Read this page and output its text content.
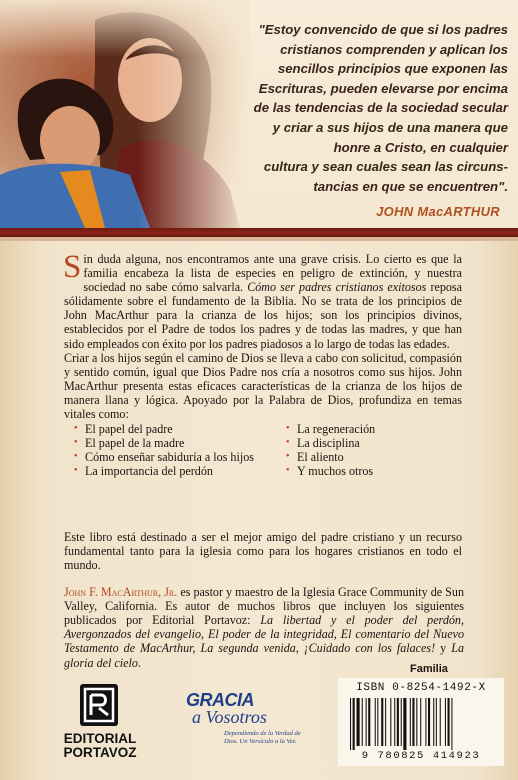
"Estoy convencido de que si los padres
cristianos comprenden y aplican los
sencillos principios que exponen las
Escrituras, pueden elevarse por encima
de las tendencias de la sociedad secular
y criar a sus hijos de una manera que
honre a Cristo, en cualquier
cultura y sean cuales sean las circuns-
tancias en que se encuentren".
JOHN MacARTHUR

Sin duda alguna, nos encontramos ante una grave crisis. Lo cierto es que la familia encabeza la lista de especies en peligro de extinción, y nuestra sociedad no sabe cómo salvarla. Cómo ser padres cristianos exitosos reposa sólidamente sobre el fundamento de la Biblia. No se trata de los principios de John MacArthur para la crianza de los hijos; son los principios divinos, establecidos por el Padre de todos los padres y de todas las madres, y que han sido empleados con éxito por los padres piadosos a lo largo de todas las edades.

Criar a los hijos según el camino de Dios se lleva a cabo con solicitud, compasión y sentido común, igual que Dios Padre nos cría a nosotros como sus hijos. John MacArthur presenta estas eficaces características de la crianza de los hijos de manera llana y lógica. Apoyado por la Palabra de Dios, profundiza en temas vitales como:

• El papel del padre
• El papel de la madre
• Cómo enseñar sabiduría a los hijos
• La importancia del perdón
• La regeneración
• La disciplina
• El aliento
• Y muchos otros

Este libro está destinado a ser el mejor amigo del padre cristiano y un recurso fundamental tanto para la iglesia como para los hogares cristianos en todo el mundo.

John F. MacArthur, Jr. es pastor y maestro de la Iglesia Grace Community de Sun Valley, California. Es autor de muchos libros que incluyen los siguientes publicados por Editorial Portavoz: La libertad y el poder del perdón, Avergonzados del evangelio, El poder de la integridad, El comentario del Nuevo Testamento de MacArthur, La segunda venida, ¡Cuidado con los falaces! y La gloria del cielo.	Familia
EDITORIAL
PORTAVOZ
GRACIA
a Vosotros
Dependiendo de la Verdad de Dios. Un Versículo a la Vez.
ISBN 0-8254-1492-X
9 780825 414923
